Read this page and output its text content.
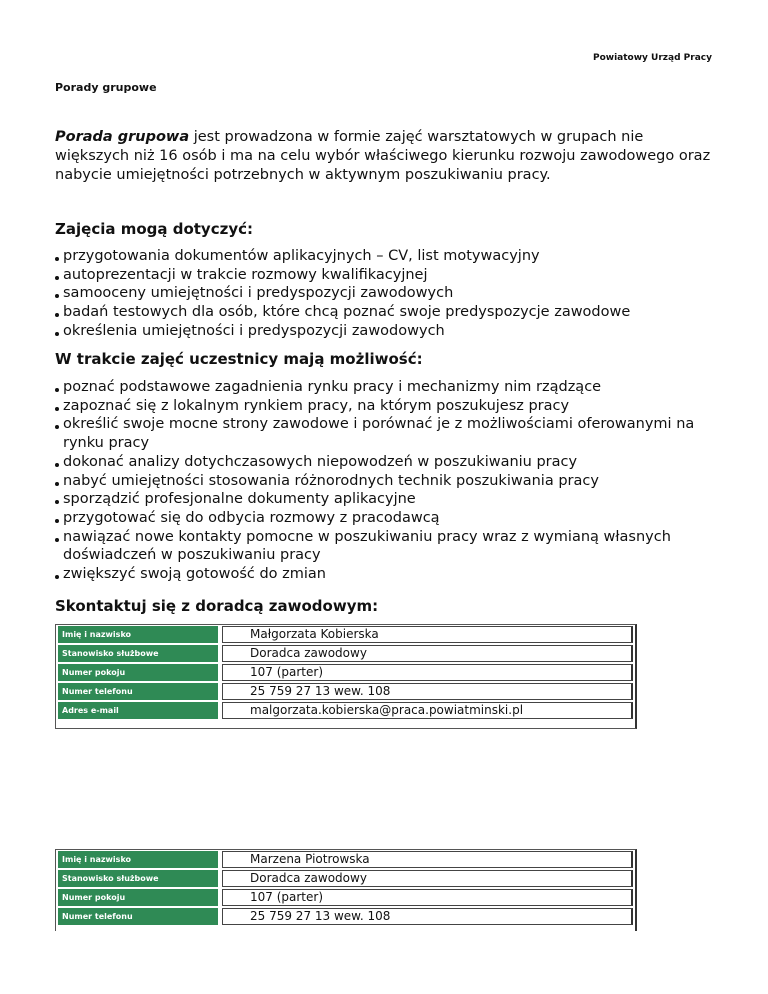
Powiatowy Urząd Pracy
Porady grupowe

Porada grupowa jest prowadzona w formie zajęć warsztatowych w grupach nie większych niż 16 osób i ma na celu wybór właściwego kierunku rozwoju zawodowego oraz nabycie umiejętności potrzebnych w aktywnym poszukiwaniu pracy.

Zajęcia mogą dotyczyć:
przygotowania dokumentów aplikacyjnych – CV, list motywacyjny
autoprezentacji w trakcie rozmowy kwalifikacyjnej
samooceny umiejętności i predyspozycji zawodowych
badań testowych dla osób, które chcą poznać swoje predyspozycje zawodowe
określenia umiejętności i predyspozycji zawodowych
W trakcie zajęć uczestnicy mają możliwość:
poznać podstawowe zagadnienia rynku pracy i mechanizmy nim rządzące
zapoznać się z lokalnym rynkiem pracy, na którym poszukujesz pracy
określić swoje mocne strony zawodowe i porównać je z możliwościami oferowanymi na rynku pracy
dokonać analizy dotychczasowych niepowodzeń w poszukiwaniu pracy
nabyć umiejętności stosowania różnorodnych technik poszukiwania pracy
sporządzić profesjonalne dokumenty aplikacyjne
przygotować się do odbycia rozmowy z pracodawcą
nawiązać nowe kontakty pomocne w poszukiwaniu pracy wraz z wymianą własnych doświadczeń w poszukiwaniu pracy
zwiększyć swoją gotowość do zmian
Skontaktuj się z doradcą zawodowym:
Imię i nazwisko	Małgorzata Kobierska
Stanowisko służbowe	Doradca zawodowy
Numer pokoju	107 (parter)
Numer telefonu	25 759 27 13 wew. 108
Adres e-mail	malgorzata.kobierska@praca.powiatminski.pl
Imię i nazwisko	Marzena Piotrowska
Stanowisko służbowe	Doradca zawodowy
Numer pokoju	107 (parter)
Numer telefonu	25 759 27 13 wew. 108
